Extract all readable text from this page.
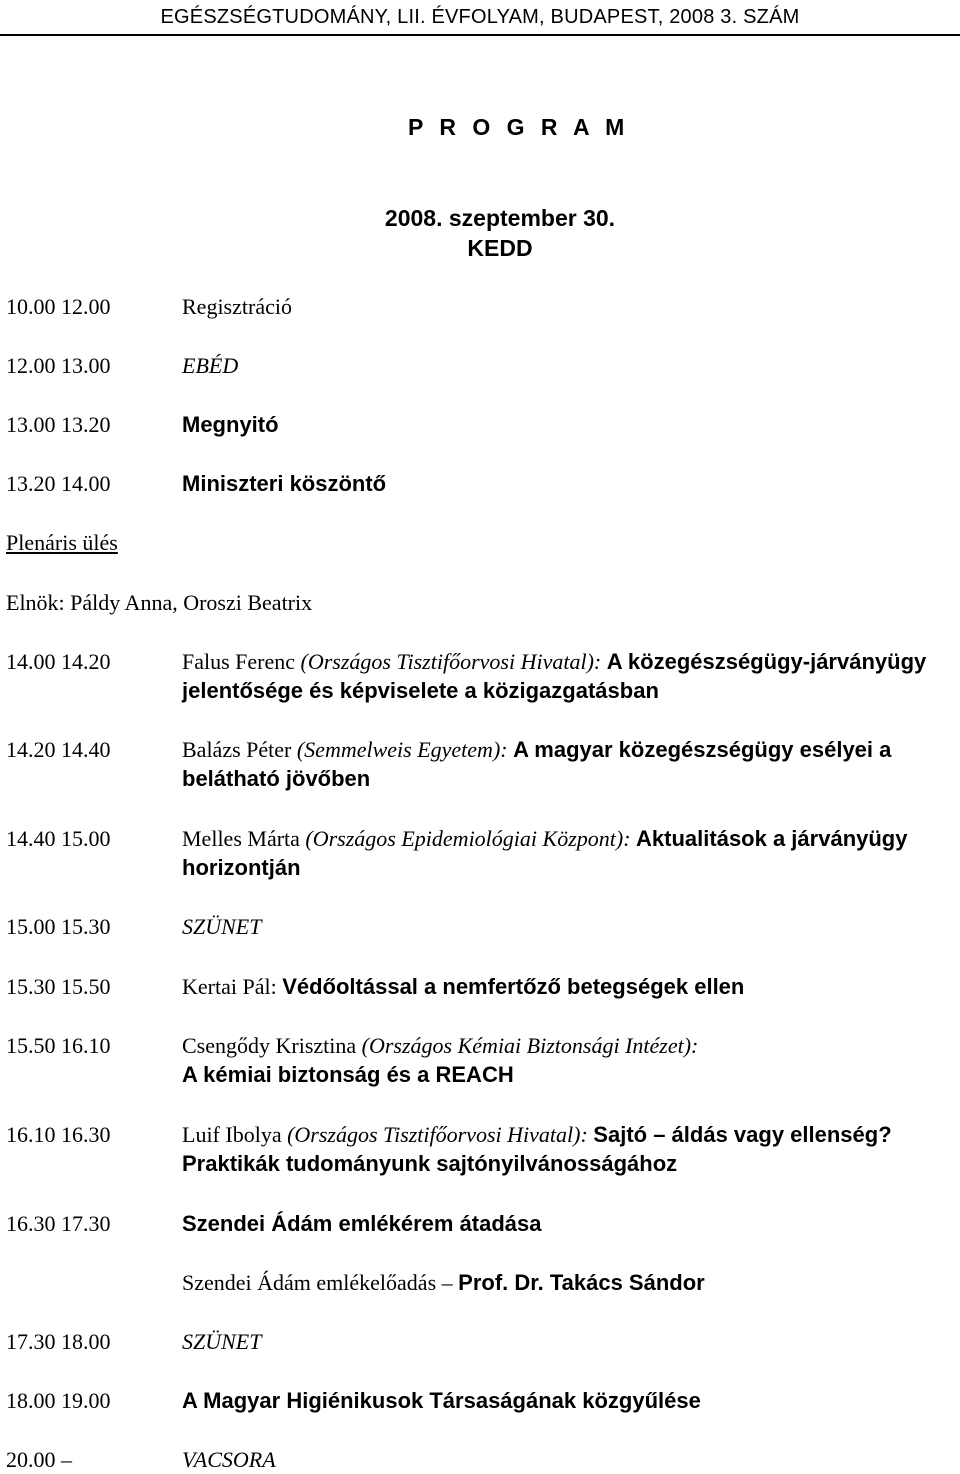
EGÉSZSÉGTUDOMÁNY, LII. ÉVFOLYAM, BUDAPEST, 2008 3. SZÁM
P R O G R A M
2008. szeptember 30.
KEDD
10.00 12.00	Regisztráció
12.00 13.00	EBÉD
13.00 13.20	Megnyitó
13.20 14.00	Miniszteri köszöntő
Plenáris ülés
Elnök: Páldy Anna, Oroszi Beatrix
14.00 14.20	Falus Ferenc (Országos Tisztifőorvosi Hivatal): A közegészségügy-járványügy
jelentősége és képviselete a közigazgatásban
14.20 14.40	Balázs Péter (Semmelweis Egyetem): A magyar közegészségügy esélyei a
belátható jövőben
14.40 15.00	Melles Márta (Országos Epidemiológiai Központ): Aktualitások a járványügy
horizontján
15.00 15.30	SZÜNET
15.30 15.50	Kertai Pál: Védőoltással a nemfertőző betegségek ellen
15.50 16.10	Csengődy Krisztina (Országos Kémiai Biztonsági Intézet):
A kémiai biztonság és a REACH
16.10 16.30	Luif Ibolya (Országos Tisztifőorvosi Hivatal): Sajtó – áldás vagy ellenség?
Praktikák tudományunk sajtónyilvánosságához
16.30 17.30	Szendei Ádám emlékérem átadása
Szendei Ádám emlékelőadás – Prof. Dr. Takács Sándor
17.30 18.00	SZÜNET
18.00 19.00	A Magyar Higiénikusok Társaságának közgyűlése
20.00 –	VACSORA
